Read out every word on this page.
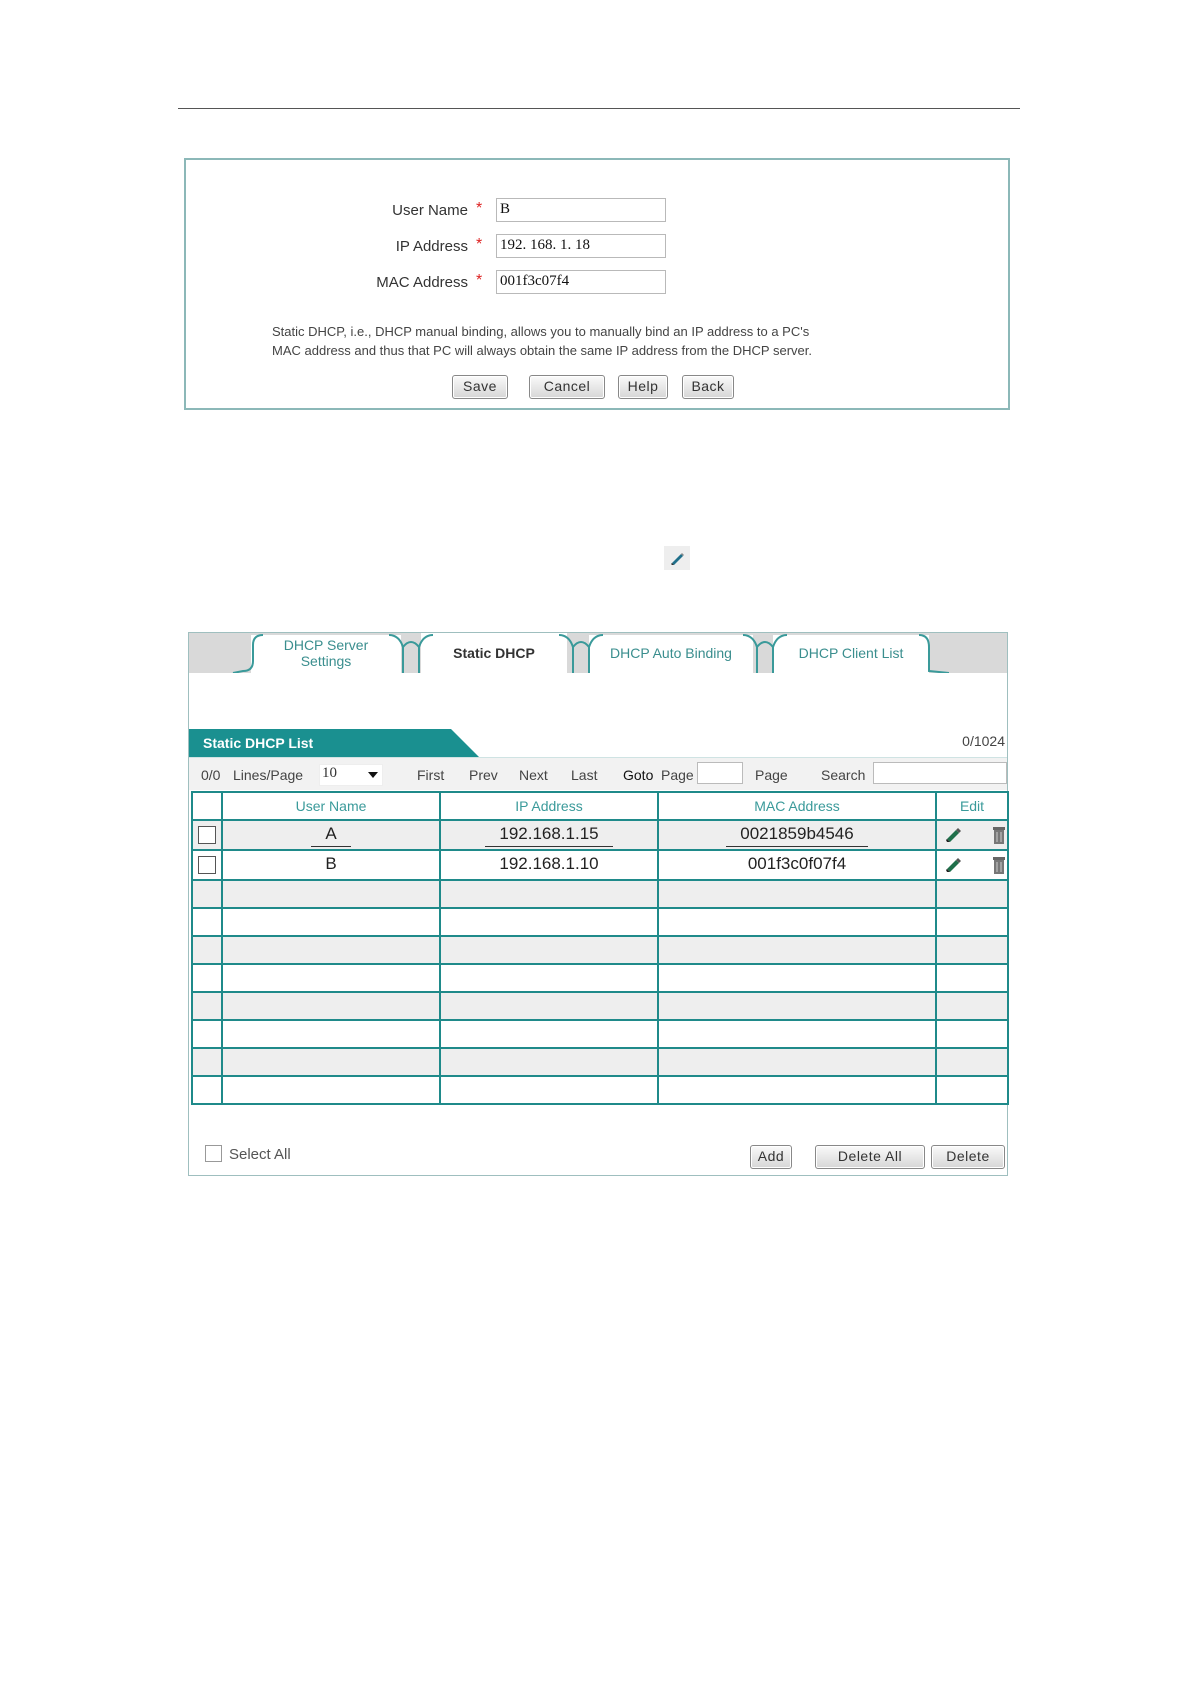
User Name * B
IP Address * 192. 168. 1. 18
MAC Address * 001f3c07f4
Static DHCP, i.e., DHCP manual binding, allows you to manually bind an IP address to a PC's
MAC address and thus that PC will always obtain the same IP address from the DHCP server.
Save	Cancel	Help	Back
DHCP Server
Settings	Static DHCP	DHCP Auto Binding	DHCP Client List
Static DHCP List	0/1024
0/0 Lines/Page 10	First Prev Next Last Goto Page	Page Search
	User Name	IP Address	MAC Address	Edit
	A	192.168.1.15	0021859b4546	

	B	192.168.1.10	001f3c0f07f4	

Select All	Add	Delete All	Delete
